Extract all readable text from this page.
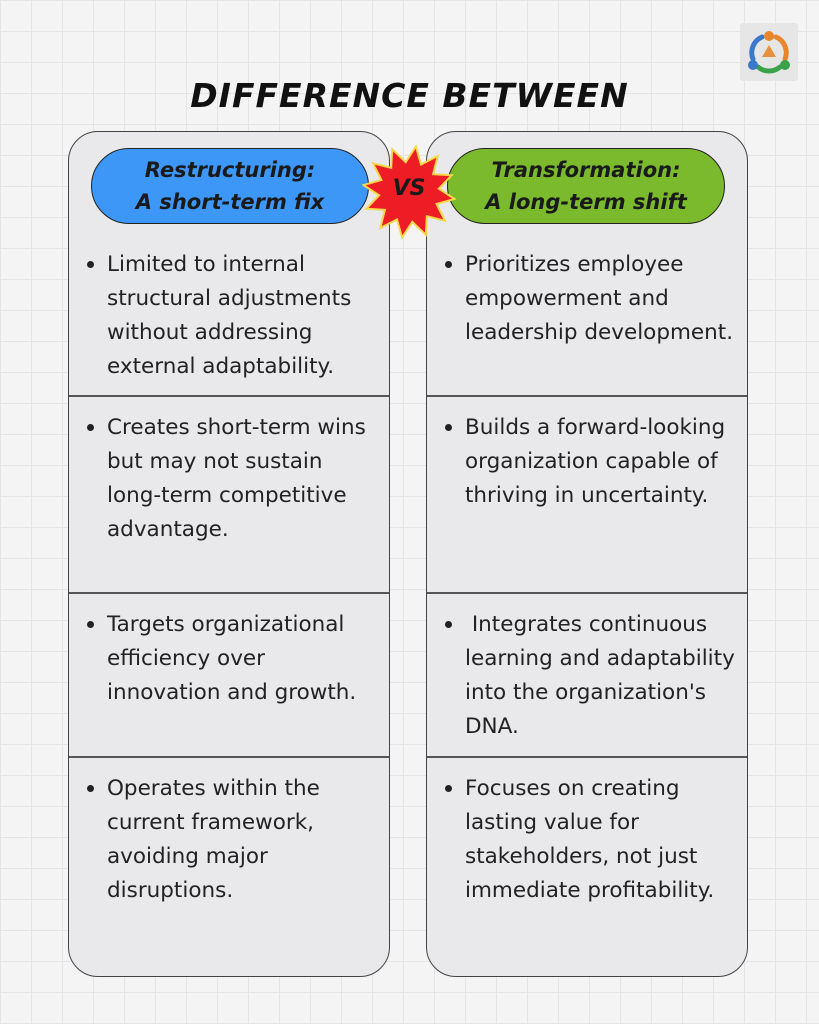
DIFFERENCE BETWEEN
Limited to internal structural adjustments without addressing external adaptability.
Creates short-term wins but may not sustain long-term competitive advantage.
Targets organizational efficiency over innovation and growth.
Operates within the current framework, avoiding major disruptions.
Prioritizes employee empowerment and leadership development.
Builds a forward-looking organization capable of thriving in uncertainty.
Integrates continuous learning and adaptability into the organization's DNA.
Focuses on creating lasting value for stakeholders, not just immediate profitability.
Restructuring:
A short-term fix
Transformation:
A long-term shift
VS
